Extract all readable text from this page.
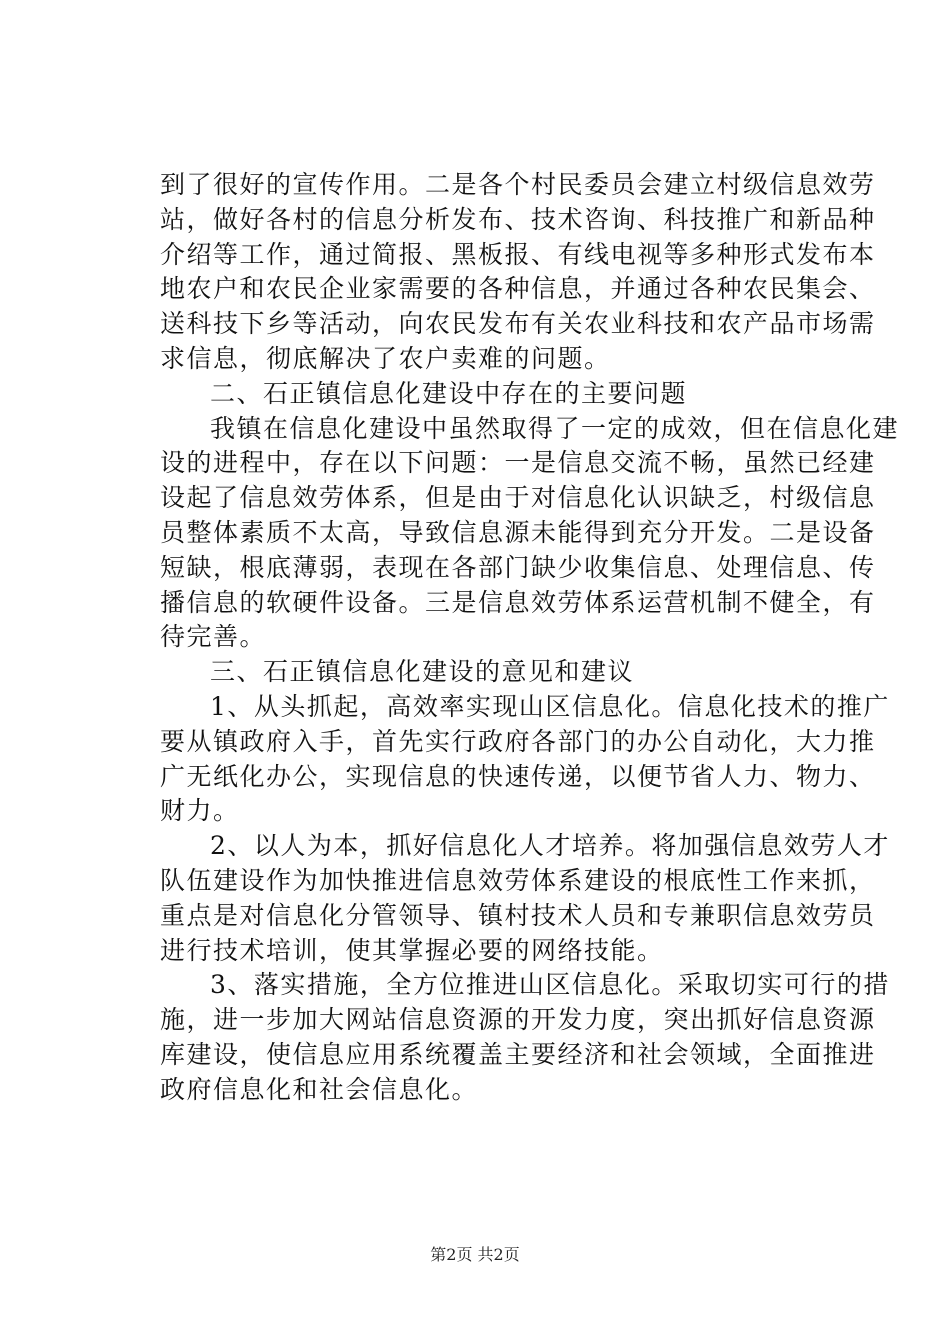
到了很好的宣传作用。二是各个村民委员会建立村级信息效劳
站，做好各村的信息分析发布、技术咨询、科技推广和新品种
介绍等工作，通过简报、黑板报、有线电视等多种形式发布本
地农户和农民企业家需要的各种信息，并通过各种农民集会、
送科技下乡等活动，向农民发布有关农业科技和农产品市场需
求信息，彻底解决了农户卖难的问题。
二、石正镇信息化建设中存在的主要问题
我镇在信息化建设中虽然取得了一定的成效，但在信息化建
设的进程中，存在以下问题：一是信息交流不畅，虽然已经建
设起了信息效劳体系，但是由于对信息化认识缺乏，村级信息
员整体素质不太高，导致信息源未能得到充分开发。二是设备
短缺，根底薄弱，表现在各部门缺少收集信息、处理信息、传
播信息的软硬件设备。三是信息效劳体系运营机制不健全，有
待完善。
三、石正镇信息化建设的意见和建议
1、从头抓起，高效率实现山区信息化。信息化技术的推广
要从镇政府入手，首先实行政府各部门的办公自动化，大力推
广无纸化办公，实现信息的快速传递，以便节省人力、物力、
财力。
2、以人为本，抓好信息化人才培养。将加强信息效劳人才
队伍建设作为加快推进信息效劳体系建设的根底性工作来抓，
重点是对信息化分管领导、镇村技术人员和专兼职信息效劳员
进行技术培训，使其掌握必要的网络技能。
3、落实措施，全方位推进山区信息化。采取切实可行的措
施，进一步加大网站信息资源的开发力度，突出抓好信息资源
库建设，使信息应用系统覆盖主要经济和社会领域，全面推进
政府信息化和社会信息化。
第2页 共2页
